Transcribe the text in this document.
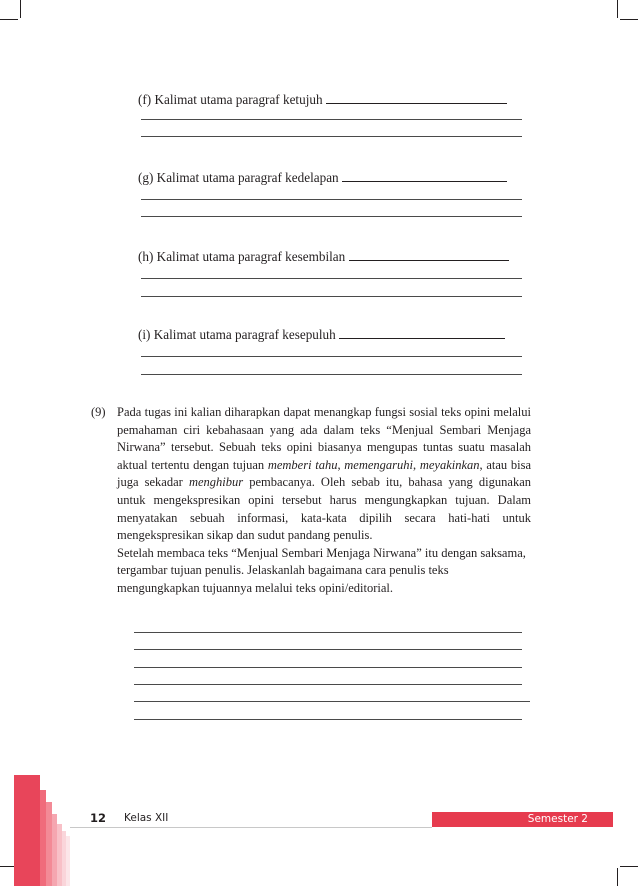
(f) Kalimat utama paragraf ketujuh
(g) Kalimat utama paragraf kedelapan
(h) Kalimat utama paragraf kesembilan
(i) Kalimat utama paragraf kesepuluh
(9) Pada tugas ini kalian diharapkan dapat menangkap fungsi sosial teks opini melalui pemahaman ciri kebahasaan yang ada dalam teks “Menjual Sembari Menjaga Nirwana” tersebut. Sebuah teks opini biasanya mengupas tuntas suatu masalah aktual tertentu dengan tujuan memberi tahu, memengaruhi, meyakinkan, atau bisa juga sekadar menghibur pembacanya. Oleh sebab itu, bahasa yang digunakan untuk mengekspresikan opini tersebut harus mengungkapkan tujuan. Dalam menyatakan sebuah informasi, kata-kata dipilih secara hati-hati untuk mengekspresikan sikap dan sudut pandang penulis.

Setelah membaca teks “Menjual Sembari Menjaga Nirwana” itu dengan saksama, tergambar tujuan penulis. Jelaskanlah bagaimana cara penulis teks mengungkapkan tujuannya melalui teks opini/editorial.

12 Kelas XII	Semester 2
